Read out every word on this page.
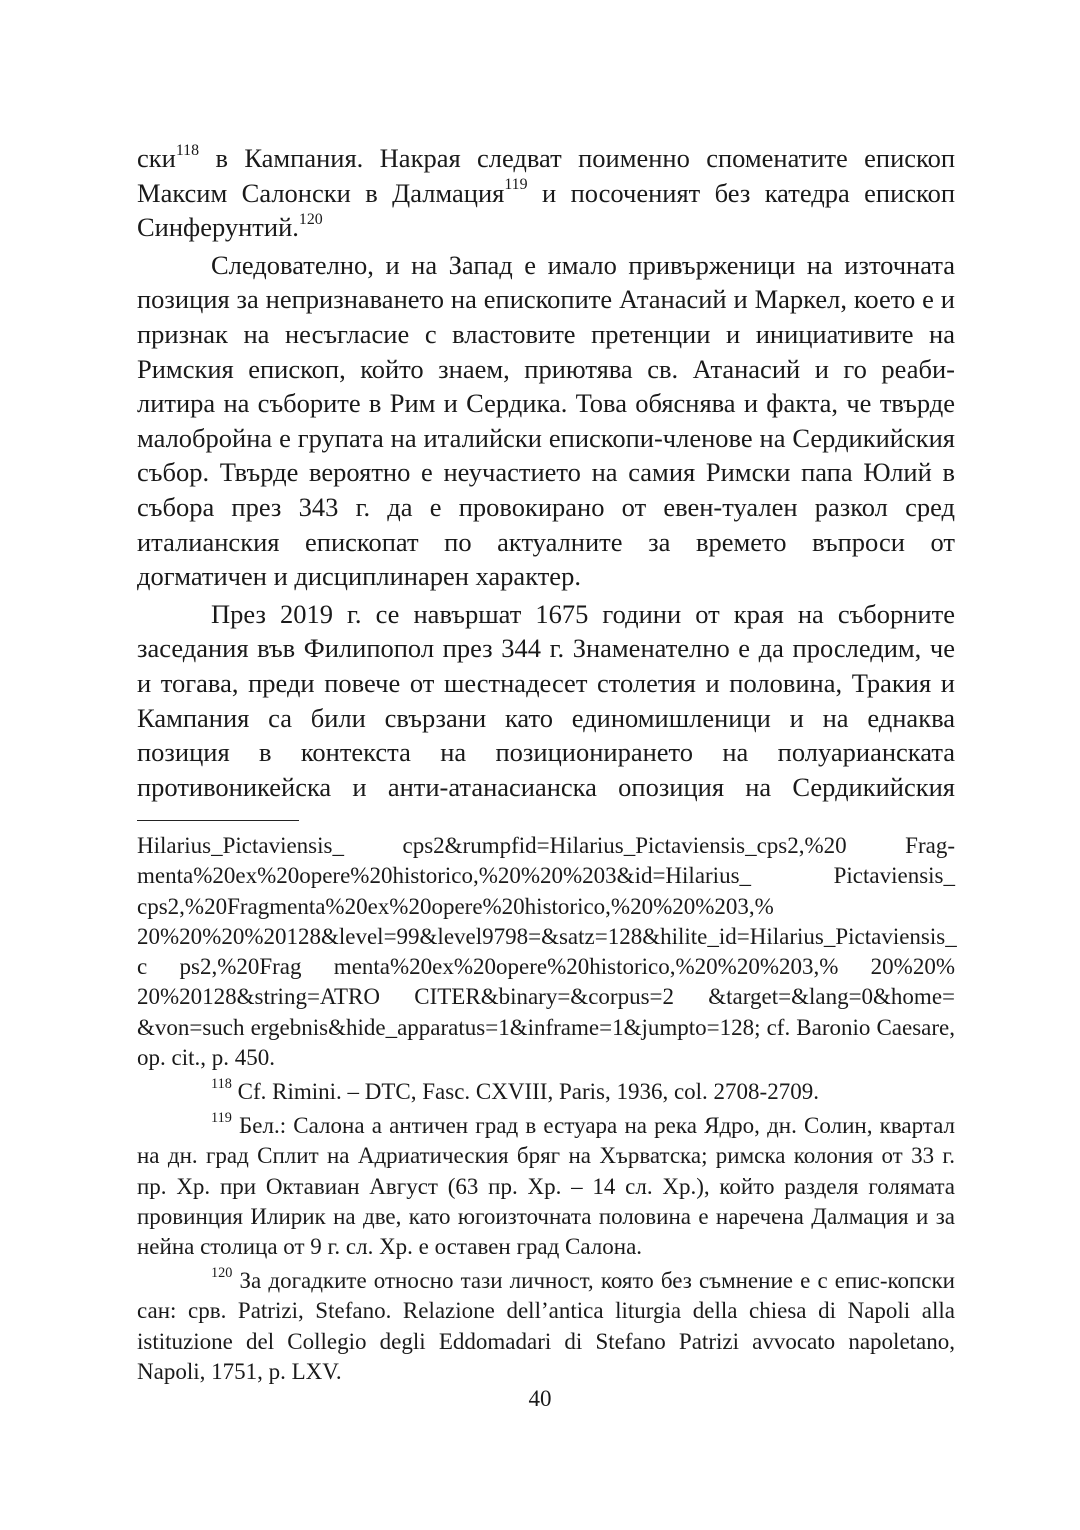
ски$^{118}$ в Кампания. Накрая следват поименно споменатите епископ Максим Салонски в Далмация$^{119}$ и посоченият без катедра епископ Синферунтий.$^{120}$

Следователно, и на Запад е имало привърженици на източната позиция за непризнаването на епископите Атанасий и Маркел, което е и признак на несъгласие с властовите претенции и инициативите на Римския епископ, който знаем, приютява св. Атанасий и го реаби-литира на съборите в Рим и Сердика. Това обяснява и факта, че твърде малобройна е групата на италийски епископи-членове на Сердикийския събор. Твърде вероятно е неучастието на самия Римски папа Юлий в събора през 343 г. да е провокирано от евен-туален разкол сред италианския епископат по актуалните за времето въпроси от догматичен и дисциплинарен характер.

През 2019 г. се навършат 1675 години от края на съборните заседания във Филипопол през 344 г. Знаменателно е да проследим, че и тогава, преди повече от шестнадесет столетия и половина, Тракия и Кампания са били свързани като единомишленици и на еднаква позиция в контекста на позиционирането на полуарианската противоникейска и анти-атанасианска опозиция на Сердикийския

Hilarius_Pictaviensis_ cps2&rumpfid=Hilarius_Pictaviensis_cps2,%20 Frag-menta%20ex%20opere%20historico,%20%20%203&id=Hilarius_ Pictaviensis_ cps2,%20Fragmenta%20ex%20opere%20historico,%20%20%203,% 20%20%20%20128&level=99&level9798=&satz=128&hilite_id=Hilarius_Pictaviensis_ c ps2,%20Frag menta%20ex%20opere%20historico,%20%20%203,% 20%20% 20%20128&string=ATRO CITER&binary=&corpus=2 &target=&lang=0&home= &von=such ergebnis&hide_apparatus=1&inframe=1&jumpto=128; cf. Baronio Caesare, op. cit., p. 450.

$^{118}$ Cf. Rimini. – DTC, Fasc. CXVIII, Paris, 1936, col. 2708-2709.

$^{119}$ Бел.: Салона а античен град в естуара на река Ядро, дн. Солин, квартал на дн. град Сплит на Адриатическия бряг на Хърватска; римска колония от 33 г. пр. Хр. при Октавиан Август (63 пр. Хр. – 14 сл. Хр.), който разделя голямата провинция Илирик на две, като югоизточната половина е наречена Далмация и за нейна столица от 9 г. сл. Хр. е оставен град Салона.

$^{120}$ За догадките относно тази личност, която без съмнение е с епис-копски сан: срв. Patrizi, Stefano. Relazione dell’antica liturgia della chiesa di Napoli alla istituzione del Collegio degli Eddomadari di Stefano Patrizi avvocato napoletano, Napoli, 1751, p. LXV.

40
